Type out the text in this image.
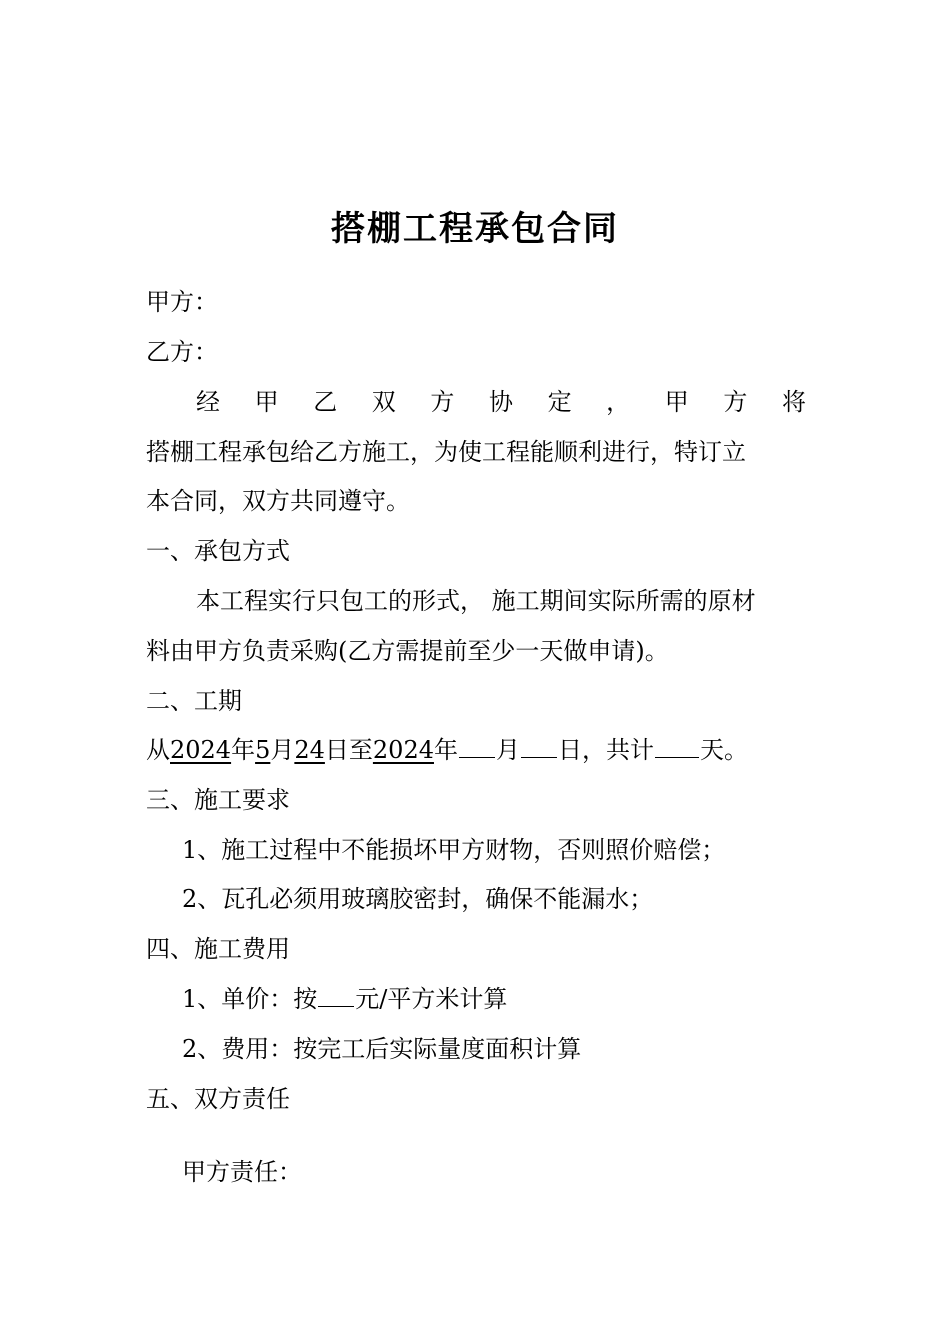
搭棚工程承包合同
甲方：
乙方：
经 甲 乙 双 方 协 定 ， 甲 方 将
搭棚工程承包给乙方施工，为使工程能顺利进行，特订立
本合同，双方共同遵守。
一、承包方式
本工程实行只包工的形式， 施工期间实际所需的原材
料由甲方负责采购(乙方需提前至少一天做申请)。
二、工期
从2024年5月24日至2024年 月 日，共计 天。
三、施工要求
1、施工过程中不能损坏甲方财物，否则照价赔偿；
2、瓦孔必须用玻璃胶密封，确保不能漏水；
四、施工费用
1、单价：按 元/平方米计算
2、费用：按完工后实际量度面积计算
五、双方责任
甲方责任：
